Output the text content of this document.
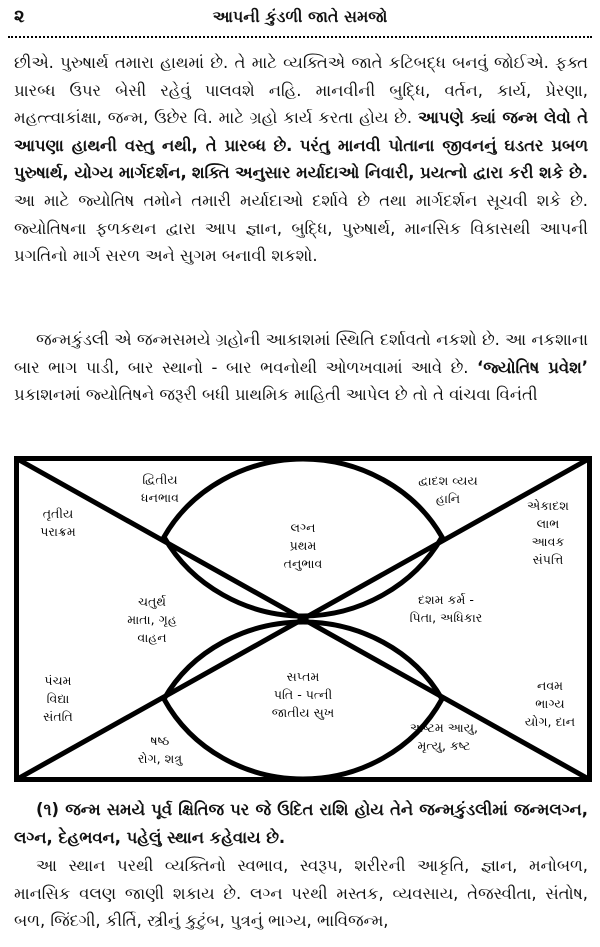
૨	આપની કુંડળી જાતે સમજો

છીએ. પુરુષાર્થ તમારા હાથમાં છે. તે માટે વ્યક્તિએ જાતે કટિબદ્ધ બનવું જોઈએ. ફક્ત પ્રારબ્ધ ઉપર બેસી રહેવું પાલવશે નહિ. માનવીની બુદ્ધિ, વર્તન, કાર્ય, પ્રેરણા, મહત્ત્વાકાંક્ષા, જન્મ, ઉછેર વિ. માટે ગ્રહો કાર્ય કરતા હોય છે. આપણે ક્યાં જન્મ લેવો તે આપણા હાથની વસ્તુ નથી, તે પ્રારબ્ધ છે. પરંતુ માનવી પોતાના જીવનનું ઘડતર પ્રબળ પુરુષાર્થ, યોગ્ય માર્ગદર્શન, શક્તિ અનુસાર મર્યાદાઓ નિવારી, પ્રયત્નો દ્વારા કરી શકે છે. આ માટે જ્યોતિષ તમોને તમારી મર્યાદાઓ દર્શાવે છે તથા માર્ગદર્શન સૂચવી શકે છે. જ્યોતિષના ફળકથન દ્વારા આપ જ્ઞાન, બુદ્ધિ, પુરુષાર્થ, માનસિક વિકાસથી આપની પ્રગતિનો માર્ગ સરળ અને સુગમ બનાવી શકશો.

જન્મકુંડલી એ જન્મસમયે ગ્રહોની આકાશમાં સ્થિતિ દર્શાવતો નકશો છે. આ નકશાના બાર ભાગ પાડી, બાર સ્થાનો - બાર ભવનોથી ઓળખવામાં આવે છે. ‘જ્યોતિષ પ્રવેશ’ પ્રકાશનમાં જ્યોતિષને જરૂરી બધી પ્રાથમિક માહિતી આપેલ છે તો તે વાંચવા વિનંતી

લગ્ન પ્રથમ તનુભાવ
દ્વિતીય ધનભાવ
તૃતીય પરાક્રમ
ચતુર્થ માતા, ગૃહ વાહન
પંચમ વિદ્યા સંતતિ
ષષ્ઠ રોગ, શત્રુ
સપ્તમ પતિ - પત્ની જાતીય સુખ
અષ્ટમ આયુ, મૃત્યુ, કષ્ટ
નવમ ભાગ્ય યોગ, દાન
દશમ કર્મ -પિતા, અધિકાર
એકાદશ લાભ આવક સંપત્તિ
દ્વાદશ વ્યય હાનિ

(૧) જન્મ સમયે પૂર્વ ક્ષિતિજ પર જે ઉદિત રાશિ હોય તેને જન્મકુંડલીમાં જન્મલગ્ન, લગ્ન, દેહભવન, પહેલું સ્થાન કહેવાય છે.

આ સ્થાન પરથી વ્યક્તિનો સ્વભાવ, સ્વરૂપ, શરીરની આકૃતિ, જ્ઞાન, મનોબળ, માનસિક વલણ જાણી શકાય છે. લગ્ન પરથી મસ્તક, વ્યવસાય, તેજસ્વીતા, સંતોષ, બળ, જિંદગી, કીર્તિ, સ્ત્રીનું કુટુંબ, પુત્રનું ભાગ્ય, ભાવિજન્મ,
